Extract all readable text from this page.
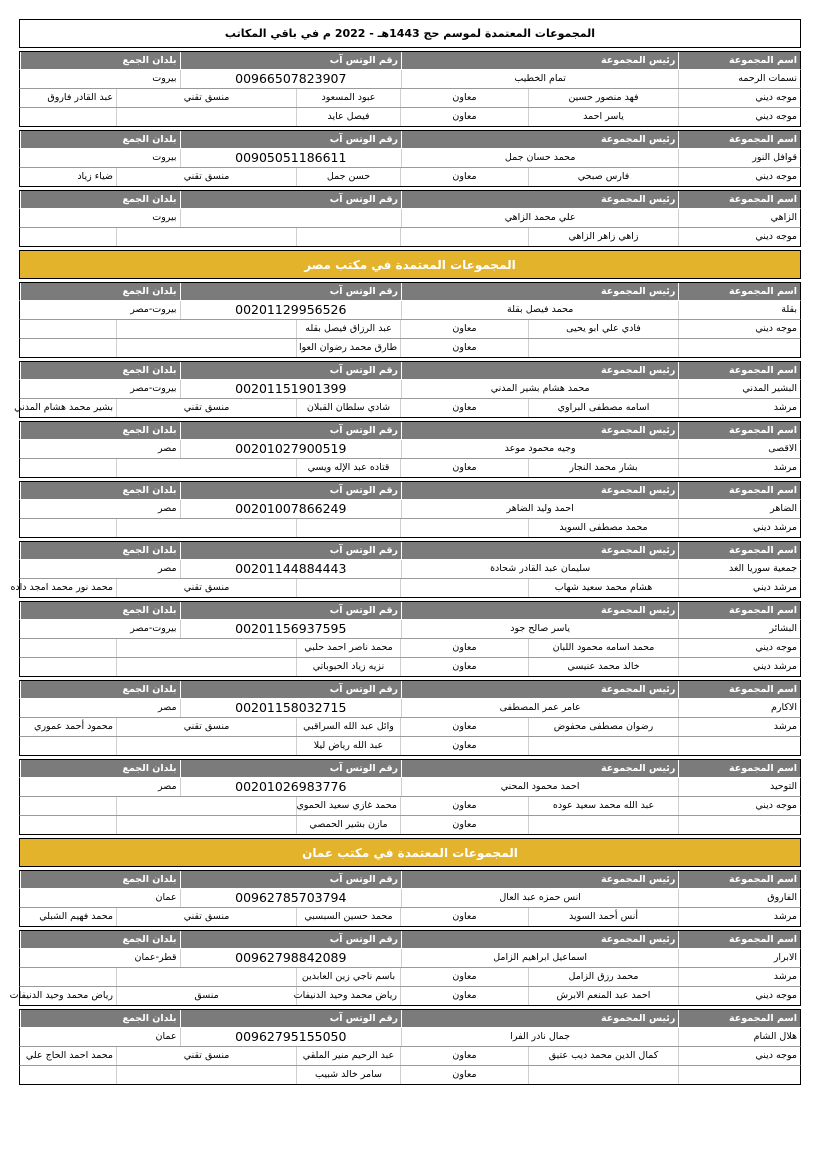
المجموعات المعتمدة لموسم حج 1443هـ - 2022 م في باقي المكاتب
اسم المجموعة
رئيس المجموعة
رقم الوتس آب
بلدان الجمع
نسمات الرحمه
تمام الخطيب
00966507823907
بيروت
موجه ديني
فهد منصور حسين
معاون
عبود المسعود
منسق تقني
عبد القادر فاروق
موجه ديني
ياسر احمد
معاون
فيصل عايد
اسم المجموعة
رئيس المجموعة
رقم الوتس آب
بلدان الجمع
قوافل النور
محمد حسان جمل
00905051186611
بيروت
موجه ديني
فارس صبحي
معاون
حسن جمل
منسق تقني
ضياء زياد
اسم المجموعة
رئيس المجموعة
رقم الوتس آب
بلدان الجمع
الزاهي
علي محمد الزاهي
بيروت
موجه ديني
زاهي زاهر الزاهي
المجموعات المعتمدة في مكتب مصر
اسم المجموعة
رئيس المجموعة
رقم الوتس آب
بلدان الجمع
بقلة
محمد فيصل بقلة
00201129956526
بيروت-مصر
موجه ديني
فادي علي ابو يحيى
معاون
عبد الرزاق فيصل بقله
معاون
طارق محمد رضوان العوا
اسم المجموعة
رئيس المجموعة
رقم الوتس آب
بلدان الجمع
البشير المدني
محمد هشام بشير المدني
00201151901399
بيروت-مصر
مرشد
اسامه مصطفى البراوي
معاون
شادي سلطان القبلان
منسق تقني
بشير محمد هشام المدني
اسم المجموعة
رئيس المجموعة
رقم الوتس آب
بلدان الجمع
الاقصى
وجيه محمود موعد
00201027900519
مصر
مرشد
بشار محمد النجار
معاون
قتاده عبد الإله ويسي
اسم المجموعة
رئيس المجموعة
رقم الوتس آب
بلدان الجمع
الضاهر
احمد وليد الضاهر
00201007866249
مصر
مرشد ديني
محمد مصطفى السويد
اسم المجموعة
رئيس المجموعة
رقم الوتس آب
بلدان الجمع
جمعية سوريا الغد
سليمان عبد القادر شحادة
00201144884443
مصر
مرشد ديني
هشام محمد سعيد شهاب
منسق تقني
محمد نور محمد امجد داده
اسم المجموعة
رئيس المجموعة
رقم الوتس آب
بلدان الجمع
البشائر
ياسر صالح جود
00201156937595
بيروت-مصر
موجه ديني
محمد اسامه محمود اللبان
معاون
محمد ناصر احمد حلبي
مرشد ديني
خالد محمد عنيسي
معاون
نزيه زياد الحبوباتي
اسم المجموعة
رئيس المجموعة
رقم الوتس آب
بلدان الجمع
الاكارم
عامر عمر المصطفى
00201158032715
مصر
مرشد
رضوان مصطفى محفوض
معاون
وائل عبد الله السراقبي
منسق تقني
محمود أحمد عموري
معاون
عبد الله رياض ليلا
اسم المجموعة
رئيس المجموعة
رقم الوتس آب
بلدان الجمع
التوحيد
احمد محمود المحني
00201026983776
مصر
موجه ديني
عبد الله محمد سعيد عوده
معاون
محمد غازي سعيد الحموي
معاون
مازن بشير الحمصي
المجموعات المعتمدة في مكتب عمان
اسم المجموعة
رئيس المجموعة
رقم الوتس آب
بلدان الجمع
الفاروق
انس حمزه عبد العال
00962785703794
عمان
مرشد
أنس أحمد السويد
معاون
محمد حسين السبسبي
منسق تقني
محمد فهيم الشبلي
اسم المجموعة
رئيس المجموعة
رقم الوتس آب
بلدان الجمع
الابرار
اسماعيل ابراهيم الزامل
00962798842089
قطر-عمان
مرشد
محمد رزق الزامل
معاون
باسم ناجي زين العابدين
موجه ديني
احمد عبد المنعم الابرش
معاون
رياض محمد وحيد الدنيفات
منسق
رياض محمد وحيد الدنيفات
اسم المجموعة
رئيس المجموعة
رقم الوتس آب
بلدان الجمع
هلال الشام
جمال نادر الفرا
00962795155050
عمان
موجه ديني
كمال الدين محمد ديب عتيق
معاون
عبد الرحيم منير الملقي
منسق تقني
محمد احمد الحاج علي
معاون
سامر خالد شبيب
